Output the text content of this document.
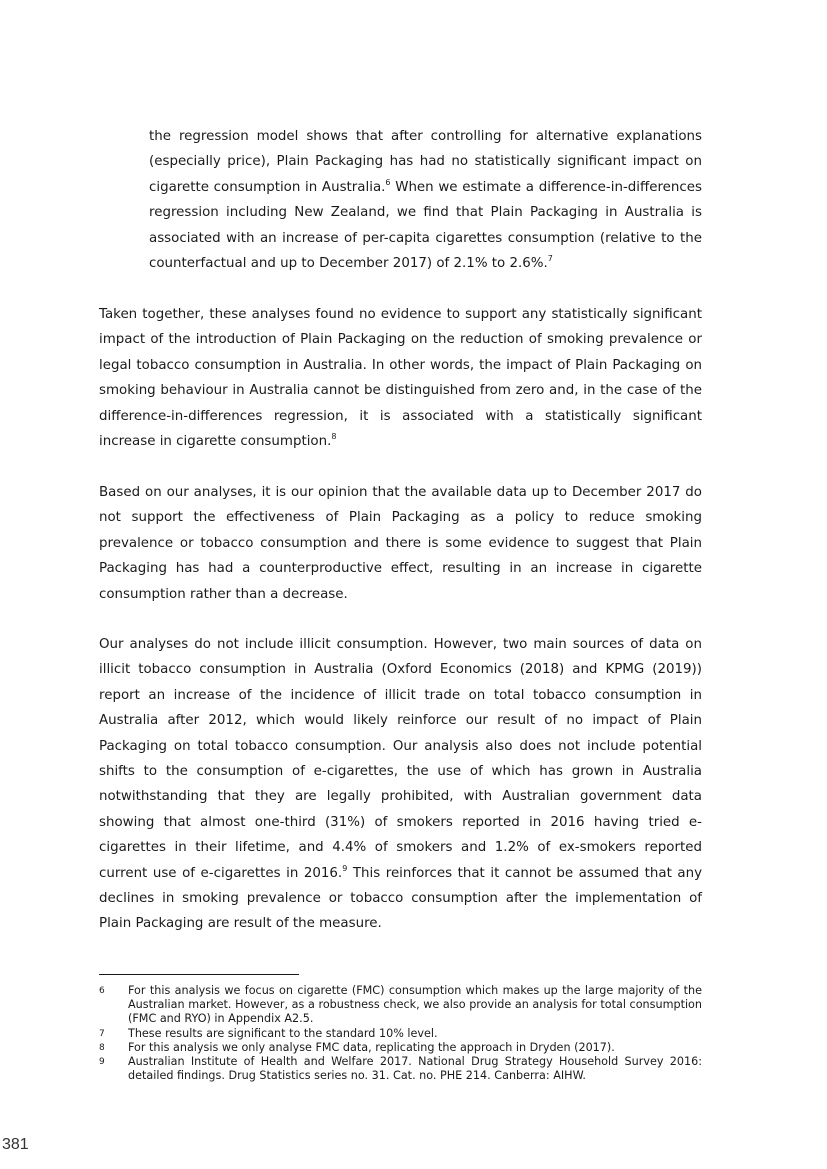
the regression model shows that after controlling for alternative explanations (especially price), Plain Packaging has had no statistically significant impact on cigarette consumption in Australia.$^6$ When we estimate a difference-in-differences regression including New Zealand, we find that Plain Packaging in Australia is associated with an increase of per-capita cigarettes consumption (relative to the counterfactual and up to December 2017) of 2.1% to 2.6%.$^7$

Taken together, these analyses found no evidence to support any statistically significant impact of the introduction of Plain Packaging on the reduction of smoking prevalence or legal tobacco consumption in Australia. In other words, the impact of Plain Packaging on smoking behaviour in Australia cannot be distinguished from zero and, in the case of the difference-in-differences regression, it is associated with a statistically significant increase in cigarette consumption.$^8$

Based on our analyses, it is our opinion that the available data up to December 2017 do not support the effectiveness of Plain Packaging as a policy to reduce smoking prevalence or tobacco consumption and there is some evidence to suggest that Plain Packaging has had a counterproductive effect, resulting in an increase in cigarette consumption rather than a decrease.

Our analyses do not include illicit consumption. However, two main sources of data on illicit tobacco consumption in Australia (Oxford Economics (2018) and KPMG (2019)) report an increase of the incidence of illicit trade on total tobacco consumption in Australia after 2012, which would likely reinforce our result of no impact of Plain Packaging on total tobacco consumption. Our analysis also does not include potential shifts to the consumption of e-cigarettes, the use of which has grown in Australia notwithstanding that they are legally prohibited, with Australian government data showing that almost one-third (31%) of smokers reported in 2016 having tried e-cigarettes in their lifetime, and 4.4% of smokers and 1.2% of ex-smokers reported current use of e-cigarettes in 2016.$^9$ This reinforces that it cannot be assumed that any declines in smoking prevalence or tobacco consumption after the implementation of Plain Packaging are result of the measure.

6	For this analysis we focus on cigarette (FMC) consumption which makes up the large majority of the Australian market. However, as a robustness check, we also provide an analysis for total consumption (FMC and RYO) in Appendix A2.5.
7	These results are significant to the standard 10% level.
8	For this analysis we only analyse FMC data, replicating the approach in Dryden (2017).
9	Australian Institute of Health and Welfare 2017. National Drug Strategy Household Survey 2016: detailed findings. Drug Statistics series no. 31. Cat. no. PHE 214. Canberra: AIHW.
381
